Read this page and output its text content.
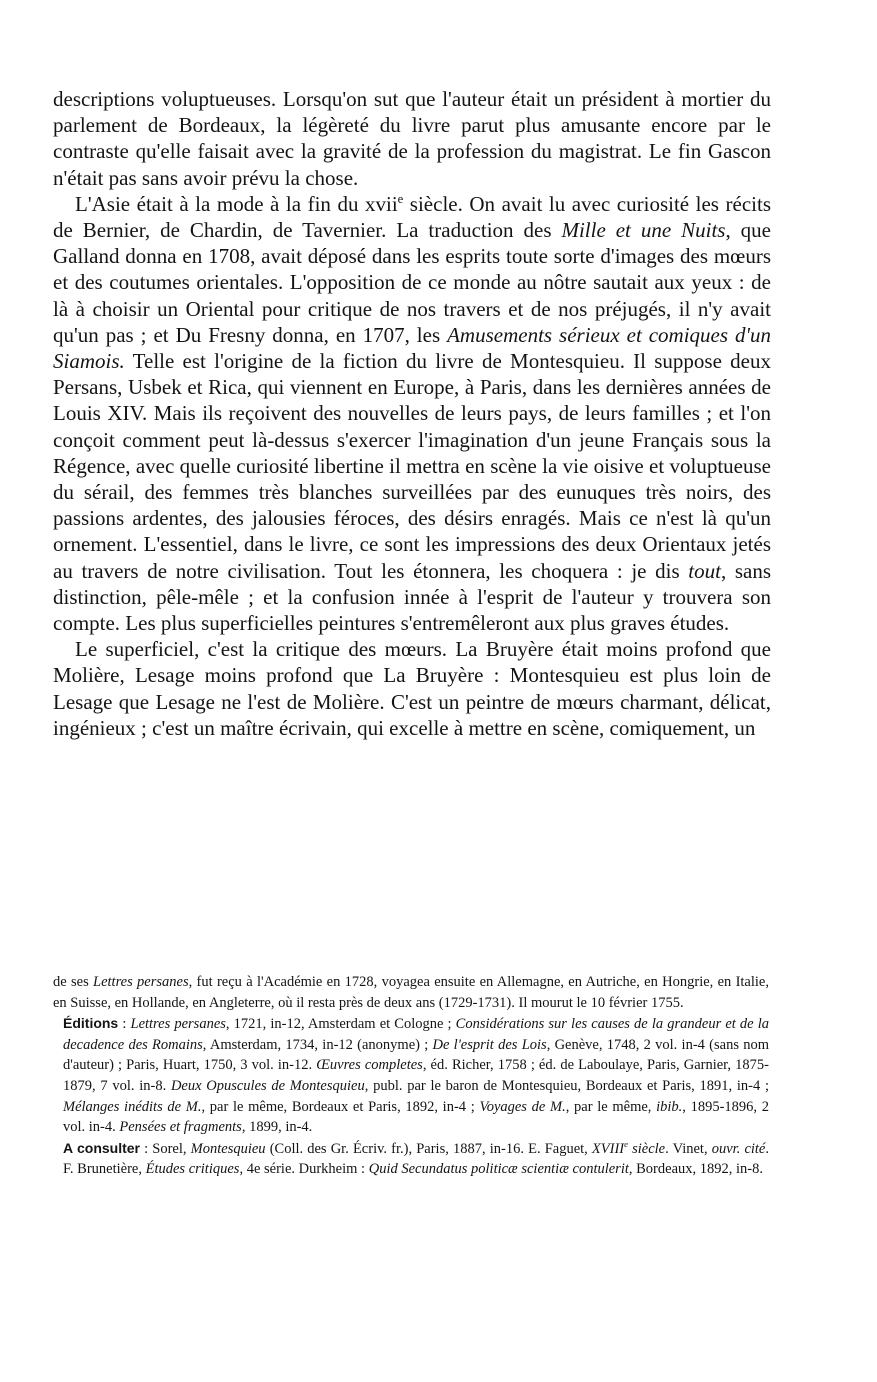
descriptions voluptueuses. Lorsqu'on sut que l'auteur était un président à mortier du parlement de Bordeaux, la légèreté du livre parut plus amusante encore par le contraste qu'elle faisait avec la gravité de la profession du magistrat. Le fin Gascon n'était pas sans avoir prévu la chose.

L'Asie était à la mode à la fin du xvii$^e$ siècle. On avait lu avec curiosité les récits de Bernier, de Chardin, de Tavernier. La traduction des Mille et une Nuits, que Galland donna en 1708, avait déposé dans les esprits toute sorte d'images des mœurs et des coutumes orientales. L'opposition de ce monde au nôtre sautait aux yeux : de là à choisir un Oriental pour critique de nos travers et de nos préjugés, il n'y avait qu'un pas ; et Du Fresny donna, en 1707, les Amusements sérieux et comiques d'un Siamois. Telle est l'origine de la fiction du livre de Montesquieu. Il suppose deux Persans, Usbek et Rica, qui viennent en Europe, à Paris, dans les dernières années de Louis XIV. Mais ils reçoivent des nouvelles de leurs pays, de leurs familles ; et l'on conçoit comment peut là-dessus s'exercer l'imagination d'un jeune Français sous la Régence, avec quelle curiosité libertine il mettra en scène la vie oisive et voluptueuse du sérail, des femmes très blanches surveillées par des eunuques très noirs, des passions ardentes, des jalousies féroces, des désirs enragés. Mais ce n'est là qu'un ornement. L'essentiel, dans le livre, ce sont les impressions des deux Orientaux jetés au travers de notre civilisation. Tout les étonnera, les choquera : je dis tout, sans distinction, pêle-mêle ; et la confusion innée à l'esprit de l'auteur y trouvera son compte. Les plus superficielles peintures s'entremêleront aux plus graves études.

Le superficiel, c'est la critique des mœurs. La Bruyère était moins profond que Molière, Lesage moins profond que La Bruyère : Montesquieu est plus loin de Lesage que Lesage ne l'est de Molière. C'est un peintre de mœurs charmant, délicat, ingénieux ; c'est un maître écrivain, qui excelle à mettre en scène, comiquement, un

de ses Lettres persanes, fut reçu à l'Académie en 1728, voyagea ensuite en Allemagne, en Autriche, en Hongrie, en Italie, en Suisse, en Hollande, en Angleterre, où il resta près de deux ans (1729-1731). Il mourut le 10 février 1755.

Éditions : Lettres persanes, 1721, in-12, Amsterdam et Cologne ; Considérations sur les causes de la grandeur et de la decadence des Romains, Amsterdam, 1734, in-12 (anonyme) ; De l'esprit des Lois, Genève, 1748, 2 vol. in-4 (sans nom d'auteur) ; Paris, Huart, 1750, 3 vol. in-12. Œuvres completes, éd. Richer, 1758 ; éd. de Laboulaye, Paris, Garnier, 1875-1879, 7 vol. in-8. Deux Opuscules de Montesquieu, publ. par le baron de Montesquieu, Bordeaux et Paris, 1891, in-4 ; Mélanges inédits de M., par le même, Bordeaux et Paris, 1892, in-4 ; Voyages de M., par le même, ibib., 1895-1896, 2 vol. in-4. Pensées et fragments, 1899, in-4.

A consulter : Sorel, Montesquieu (Coll. des Gr. Écriv. fr.), Paris, 1887, in-16. E. Faguet, XVIIIe siècle. Vinet, ouvr. cité. F. Brunetière, Études critiques, 4e série. Durkheim : Quid Secundatus politicæ scientiæ contulerit, Bordeaux, 1892, in-8.
